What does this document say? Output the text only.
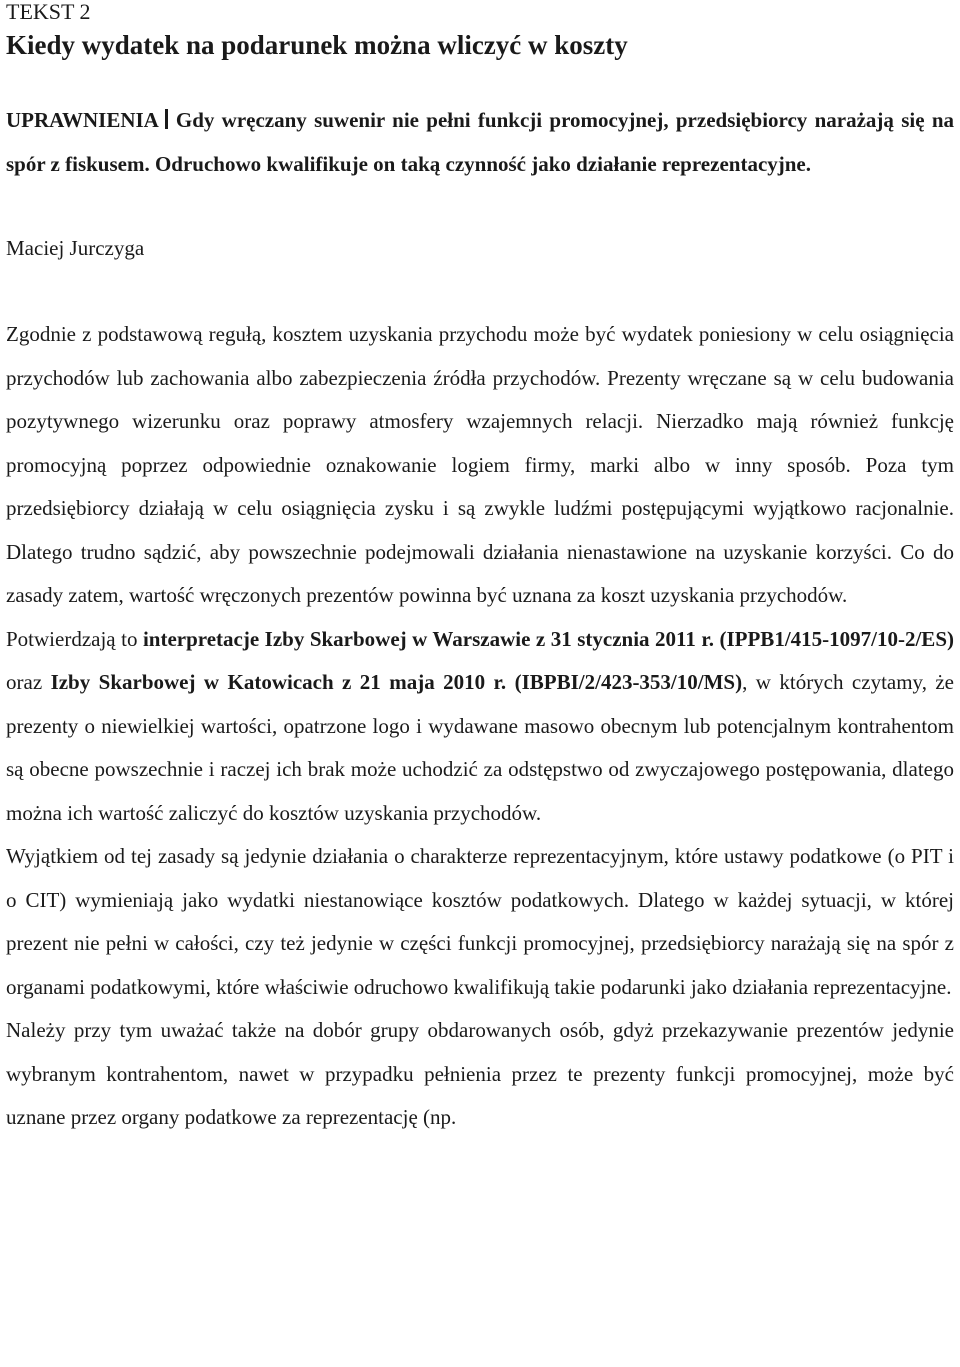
TEKST 2
Kiedy wydatek na podarunek można wliczyć w koszty

UPRAWNIENIA Gdy wręczany suwenir nie pełni funkcji promocyjnej, przedsiębiorcy narażają się na spór z fiskusem. Odruchowo kwalifikuje on taką czynność jako działanie reprezentacyjne.

Maciej Jurczyga

Zgodnie z podstawową regułą, kosztem uzyskania przychodu może być wydatek poniesiony w celu osiągnięcia przychodów lub zachowania albo zabezpieczenia źródła przychodów. Prezenty wręczane są w celu budowania pozytywnego wizerunku oraz poprawy atmosfery wzajemnych relacji. Nierzadko mają również funkcję promocyjną poprzez odpowiednie oznakowanie logiem firmy, marki albo w inny sposób. Poza tym przedsiębiorcy działają w celu osiągnięcia zysku i są zwykle ludźmi postępującymi wyjątkowo racjonalnie. Dlatego trudno sądzić, aby powszechnie podejmowali działania nienastawione na uzyskanie korzyści. Co do zasady zatem, wartość wręczonych prezentów powinna być uznana za koszt uzyskania przychodów.

Potwierdzają to interpretacje Izby Skarbowej w Warszawie z 31 stycznia 2011 r. (IPPB1/415-1097/10-2/ES) oraz Izby Skarbowej w Katowicach z 21 maja 2010 r. (IBPBI/2/423-353/10/MS), w których czytamy, że prezenty o niewielkiej wartości, opatrzone logo i wydawane masowo obecnym lub potencjalnym kontrahentom są obecne powszechnie i raczej ich brak może uchodzić za odstępstwo od zwyczajowego postępowania, dlatego można ich wartość zaliczyć do kosztów uzyskania przychodów.

Wyjątkiem od tej zasady są jedynie działania o charakterze reprezentacyjnym, które ustawy podatkowe (o PIT i o CIT) wymieniają jako wydatki niestanowiące kosztów podatkowych. Dlatego w każdej sytuacji, w której prezent nie pełni w całości, czy też jedynie w części funkcji promocyjnej, przedsiębiorcy narażają się na spór z organami podatkowymi, które właściwie odruchowo kwalifikują takie podarunki jako działania reprezentacyjne.

Należy przy tym uważać także na dobór grupy obdarowanych osób, gdyż przekazywanie prezentów jedynie wybranym kontrahentom, nawet w przypadku pełnienia przez te prezenty funkcji promocyjnej, może być uznane przez organy podatkowe za reprezentację (np.
